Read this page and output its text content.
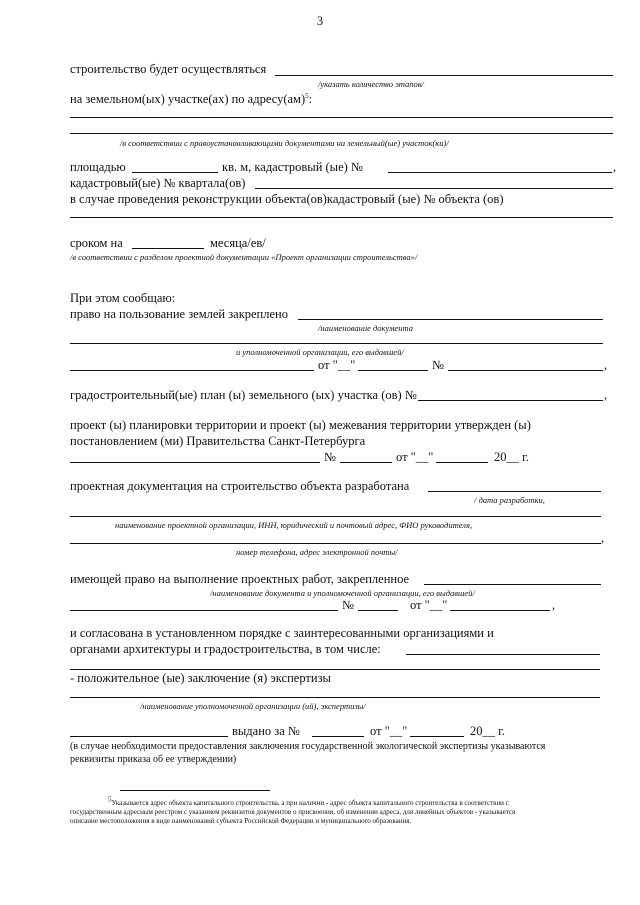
3
строительство будет осуществляться
/указать количество этапов/
на земельном(ых) участке(ах) по адресу(ам)$^5$:
/в соответствии с правоустанавливающими документами на земельный(ые) участок(ки)/
площадью	кв. м, кадастровый (ые) №	,
кадастровый(ые) № квартала(ов)
в случае проведения реконструкции объекта(ов)кадастровый (ые) № объекта (ов)
сроком на	месяца/ев/
/в соответствии с разделом проектной документации «Проект организации строительства»/
При этом сообщаю:
право на пользование землей закреплено
/наименование документа
и уполномоченной организации, его выдавшей/
от "__"	№	,
градостроительный(ые) план (ы) земельного (ых) участка (ов) №	,
проект (ы) планировки территории и проект (ы) межевания территории утвержден (ы)
постановлением (ми) Правительства Санкт-Петербурга
№	от "__"	20__ г.
проектная документация на строительство объекта разработана
/ дата разработки,
наименование проектной организации, ИНН, юридический и почтовый адрес, ФИО руководителя,
,
номер телефона, адрес электронной почты/
имеющей право на выполнение проектных работ, закрепленное
/наименование документа и уполномоченной организации, его выдавшей/
№	от "__"	,
и согласована в установленном порядке с заинтересованными организациями и
органами архитектуры и градостроительства, в том числе:
- положительное (ые) заключение (я) экспертизы
/наименование уполномоченной организации (ий), экспертизы/
выдано за №	от "__"	20__ г.
(в случае необходимости предоставления заключения государственной экологической экспертизы указываются
реквизиты приказа об ее утверждении)
$^5$Указывается адрес объекта капитального строительства, а при наличии - адрес объекта капитального строительства в соответствии с
государственным адресным реестром с указанием реквизитов документов о присвоении, об изменении адреса, для линейных объектов - указывается
описание местоположения в виде наименований субъекта Российской Федерации и муниципального образования.
